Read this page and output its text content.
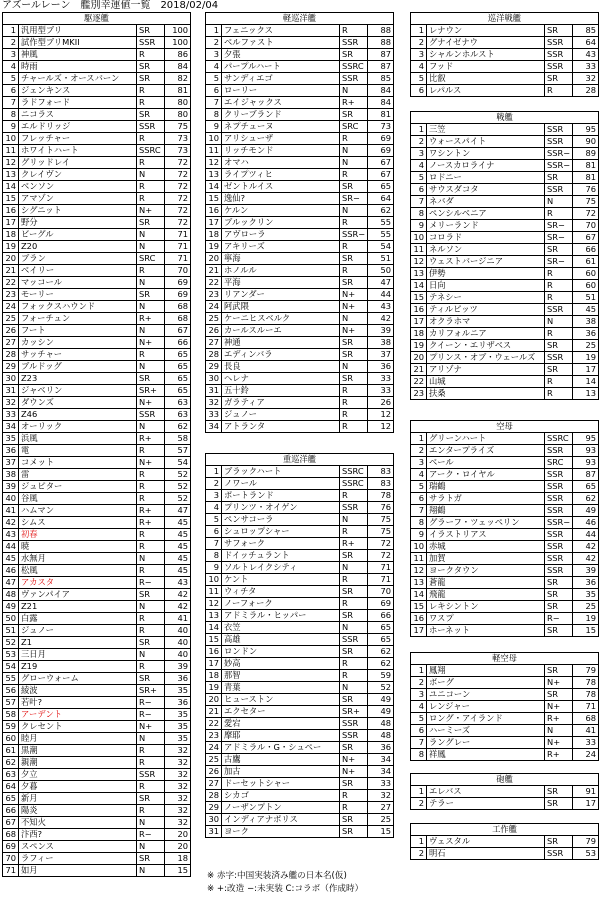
アズールレーン　艦別幸運値一覧　2018/02/04
駆逐艦			
1	汎用型ブリ	SR	100
2	試作型ブリMKII	SSR	100
3	神風	R	86
4	時雨	SR	84
5	チャールズ・オースバーン	SR	82
6	ジェンキンス	R	81
7	ラドフォード	R	80
8	ニコラス	SR	80
9	エルドリッジ	SSR	75
10	フレッチャー	R	73
11	ホワイトハート	SSRC	73
12	グリッドレイ	R	72
13	クレイヴン	N	72
14	ベンソン	R	72
15	アマゾン	R	72
16	シグニット	N+	72
17	野分	SR	72
18	ビーグル	N	71
19	Z20	N	71
20	ブラン	SRC	71
21	ベイリー	R	70
22	マッコール	N	69
23	モーリー	SR	69
24	フォックスハウンド	N	68
25	フォーチュン	R+	68
26	フート	N	67
27	カッシン	N+	66
28	サッチャー	R	65
29	ブルドッグ	N	65
30	Z23	SR	65
31	ジャベリン	SR+	65
32	ダウンズ	N+	63
33	Z46	SSR	63
34	オーリック	N	62
35	浜風	R+	58
36	電	R	57
37	コメット	N+	54
38	雷	R	52
39	ジュピター	R	52
40	谷風	R	52
41	ハムマン	R+	47
42	シムス	R+	45
43	初春	R	45
44	暁	R	45
45	水無月	N	45
46	松風	R	45
47	アカスタ	R−	43
48	ヴァンパイア	SR	42
49	Z21	N	42
50	白露	R	41
51	ジュノー	R	40
52	Z1	SR	40
53	三日月	N	40
54	Z19	R	39
55	グローウォーム	SR	36
56	綾波	SR+	35
57	若叶?	R−	36
58	アーデント	R−	35
59	クレセント	N+	35
60	睦月	N	35
61	黒潮	R	32
62	親潮	R	32
63	夕立	SSR	32
64	夕暮	R	32
65	新月	SR	32
66	陽炎	R	32
67	不知火	N	32
68	汴西?	R−	20
69	スペンス	N	20
70	ラフィー	SR	18
71	如月	N	15
軽巡洋艦			
1	フェニックス	R	88
2	ベルファスト	SSR	88
3	夕張	SR	87
4	パープルハート	SSRC	87
5	サンディエゴ	SSR	85
6	ローリー	N	84
7	エイジャックス	R+	84
8	クリーブランド	SR	81
9	ネプチューヌ	SRC	73
10	アリシューザ	R	69
11	リッチモンド	N	69
12	オマハ	N	67
13	ライプツィヒ	R	67
14	ゼントルイス	SR	65
15	逸仙?	SR−	64
16	ケルン	N	62
17	ブルックリン	R	55
18	アヴローラ	SSR−	55
19	アキリーズ	R	54
20	寧海	SR	51
21	ホノルル	R	50
22	平海	SR	47
23	リアンダー	N+	44
24	阿武隈	N+	43
25	ケーニヒスベルク	N	42
26	カールスルーエ	N+	39
27	神通	SR	38
28	エディンバラ	SR	37
29	長良	N	36
30	ヘレナ	SR	33
31	五十鈴	R	33
32	ガラティア	R	26
33	ジュノー	R	12
34	アトランタ	R	12
重巡洋艦			
1	ブラックハート	SSRC	83
2	ノワール	SSRC	83
3	ポートランド	R	78
4	プリンツ・オイゲン	SSR	76
5	ペンサコーラ	N	75
6	シュロップシャー	R	75
7	サフォーク	R+	72
8	ドイッチュラント	SR	72
9	ソルトレイクシティ	N	71
10	ケント	R	71
11	ウィチタ	SR	70
12	ノーフォーク	R	69
13	アドミラル・ヒッパー	SR	66
14	衣笠	N	65
15	高雄	SSR	65
16	ロンドン	SR	62
17	妙高	R	62
18	那智	R	59
19	青葉	N	52
20	ヒューストン	SR	49
21	エクセター	SR+	49
22	愛宕	SSR	48
23	摩耶	SSR	48
24	アドミラル・G・シュペー	SR	36
25	古鷹	N+	34
26	加古	N+	34
27	ドーセットシャー	SR	33
28	シカゴ	R	32
29	ノーザンプトン	R	27
30	インディアナポリス	SR	25
31	ヨーク	SR	15
巡洋戦艦			
1	レナウン	SR	85
2	グナイゼナウ	SSR	64
3	シャルンホルスト	SSR	43
4	フッド	SSR	33
5	比叡	SR	32
6	レパルス	R	28
戦艦			
1	三笠	SSR	95
2	ウォースパイト	SSR	90
3	ワシントン	SSR−	89
4	ノースカロライナ	SSR−	81
5	ロドニー	SR	81
6	サウスダコタ	SSR	76
7	ネバダ	N	75
8	ペンシルベニア	R	72
9	メリーランド	SR−	70
10	コロラド	SR−	67
11	ネルソン	SR	66
12	ウェストバージニア	SR−	61
13	伊勢	R	60
14	日向	R	60
15	テネシー	R	51
16	ティルピッツ	SSR	45
17	オクラホマ	N	38
18	カリフォルニア	R	36
19	クイーン・エリザベス	SR	25
20	プリンス・オブ・ウェールズ	SSR	19
21	アリゾナ	SR	17
22	山城	R	14
23	扶桑	R	13
空母			
1	グリーンハート	SSRC	95
2	エンタープライズ	SSR	93
3	ベール	SRC	93
4	アーク・ロイヤル	SSR	87
5	瑞鶴	SSR	65
6	サラトガ	SSR	62
7	翔鶴	SSR	49
8	グラーフ・ツェッペリン	SSR−	46
9	イラストリアス	SSR	44
10	赤城	SSR	42
11	加賀	SSR	42
12	ヨークタウン	SSR	39
13	蒼龍	SR	36
14	飛龍	SR	35
15	レキシントン	SR	25
16	ワスプ	R−	19
17	ホーネット	SR	15
軽空母			
1	鳳翔	SR	79
2	ボーグ	N+	78
3	ユニコーン	SR	78
4	レンジャー	N+	71
5	ロング・アイランド	R+	68
6	ハーミーズ	N	41
7	ラングレー	N+	33
8	祥鳳	R+	24
砲艦			
1	エレバス	SR	91
2	テラー	SR	17
工作艦			
1	ヴェスタル	SR	79
2	明石	SSR	53
※ 赤字:中国実装済み艦の日本名(仮)
※ +:改造 −:未実装 C:コラボ（作成時）
